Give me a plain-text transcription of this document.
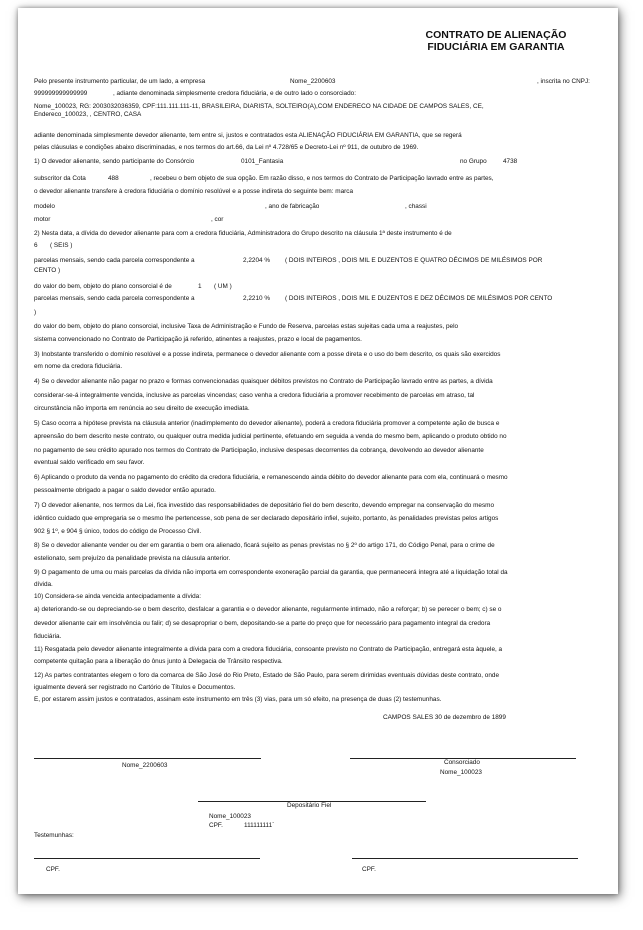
CONTRATO DE ALIENAÇÃO
FIDUCIÁRIA EM GARANTIA
Pelo presente instrumento particular, de um lado, a empresa	Nome_2200603	, inscrita no CNPJ:
999999999999999	, adiante denominada simplesmente credora fiduciária, e de outro lado o consorciado:
Nome_100023, RG: 2003032036359, CPF:111.111.111-11, BRASILEIRA, DIARISTA, SOLTEIRO(A),COM ENDERECO NA CIDADE DE CAMPOS SALES, CE,
Endereco_100023, , CENTRO, CASA
adiante denominada simplesmente devedor alienante, tem entre si, justos e contratados esta ALIENAÇÃO FIDUCIÁRIA EM GARANTIA, que se regerá
pelas cláusulas e condições abaixo discriminadas, e nos termos do art.66, da Lei nº 4.728/65 e Decreto-Lei nº 911, de outubro de 1969.
1) O devedor alienante, sendo participante do Consórcio	0101_Fantasia	no Grupo	4738
subscritor da Cota	488	, recebeu o bem objeto de sua opção. Em razão disso, e nos termos do Contrato de Participação lavrado entre as partes,
o devedor alienante transfere à credora fiduciária o domínio resolúvel e a posse indireta do seguinte bem: marca
modelo	, ano de fabricação	, chassi
motor	, cor
2) Nesta data, a dívida do devedor alienante para com a credora fiduciária, Administradora do Grupo descrito na cláusula 1ª deste instrumento é de
6 ( SEIS )
parcelas mensais, sendo cada parcela correspondente a	2,2204 % ( DOIS INTEIROS , DOIS MIL E DUZENTOS E QUATRO DÉCIMOS DE MILÉSIMOS POR
CENTO )
do valor do bem, objeto do plano consorcial é de	1 ( UM )
parcelas mensais, sendo cada parcela correspondente a	2,2210 % ( DOIS INTEIROS , DOIS MIL E DUZENTOS E DEZ DÉCIMOS DE MILÉSIMOS POR CENTO
)
do valor do bem, objeto do plano consorcial, inclusive Taxa de Administração e Fundo de Reserva, parcelas estas sujeitas cada uma a reajustes, pelo
sistema convencionado no Contrato de Participação já referido, atinentes a reajustes, prazo e local de pagamentos.
3) Inobstante transferido o domínio resolúvel e a posse indireta, permanece o devedor alienante com a posse direta e o uso do bem descrito, os quais são exercidos
em nome da credora fiduciária.
4) Se o devedor alienante não pagar no prazo e formas convencionadas quaisquer débitos previstos no Contrato de Participação lavrado entre as partes, a dívida
considerar-se-á integralmente vencida, inclusive as parcelas vincendas; caso venha a credora fiduciária a promover recebimento de parcelas em atraso, tal
circunstância não importa em renúncia ao seu direito de execução imediata.
5) Caso ocorra a hipótese prevista na cláusula anterior (inadimplemento do devedor alienante), poderá a credora fiduciária promover a competente ação de busca e
apreensão do bem descrito neste contrato, ou qualquer outra medida judicial pertinente, efetuando em seguida a venda do mesmo bem, aplicando o produto obtido no
no pagamento de seu crédito apurado nos termos do Contrato de Participação, inclusive despesas decorrentes da cobrança, devolvendo ao devedor alienante
eventual saldo verificado em seu favor.
6) Aplicando o produto da venda no pagamento do crédito da credora fiduciária, e remanescendo ainda débito do devedor alienante para com ela, continuará o mesmo
pessoalmente obrigado a pagar o saldo devedor então apurado.
7) O devedor alienante, nos termos da Lei, fica investido das responsabilidades de depositário fiel do bem descrito, devendo empregar na conservação do mesmo
idêntico cuidado que empregaria se o mesmo lhe pertencesse, sob pena de ser declarado depositário infiel, sujeito, portanto, às penalidades previstas pelos artigos
902 § 1º, e 904 § único, todos do código de Processo Civil.
8) Se o devedor alienante vender ou der em garantia o bem ora alienado, ficará sujeito as penas previstas no § 2º do artigo 171, do Código Penal, para o crime de
estelionato, sem prejuízo da penalidade prevista na cláusula anterior.
9) O pagamento de uma ou mais parcelas da dívida não importa em correspondente exoneração parcial da garantia, que permanecerá íntegra até a liquidação total da
dívida.
10) Considera-se ainda vencida antecipadamente a dívida:
a) deteriorando-se ou depreciando-se o bem descrito, desfalcar a garantia e o devedor alienante, regularmente intimado, não a reforçar; b) se perecer o bem; c) se o
devedor alienante cair em insolvência ou falir; d) se desapropriar o bem, depositando-se a parte do preço que for necessário para pagamento integral da credora
fiduciária.
11) Resgatada pelo devedor alienante integralmente a dívida para com a credora fiduciária, consoante previsto no Contrato de Participação, entregará esta àquele, a
competente quitação para a liberação do ônus junto à Delegacia de Trânsito respectiva.
12) As partes contratantes elegem o foro da comarca de São José do Rio Preto, Estado de São Paulo, para serem dirimidas eventuais dúvidas deste contrato, onde
igualmente deverá ser registrado no Cartório de Títulos e Documentos.
E, por estarem assim justos e contratados, assinam este instrumento em três (3) vias, para um só efeito, na presença de duas (2) testemunhas.
CAMPOS SALES 30 de dezembro de 1899
Nome_2200603	Consorciado
Nome_100023
Depositário Fiel
Nome_100023
CPF.	111111111`
Testemunhas:
CPF.	CPF.
